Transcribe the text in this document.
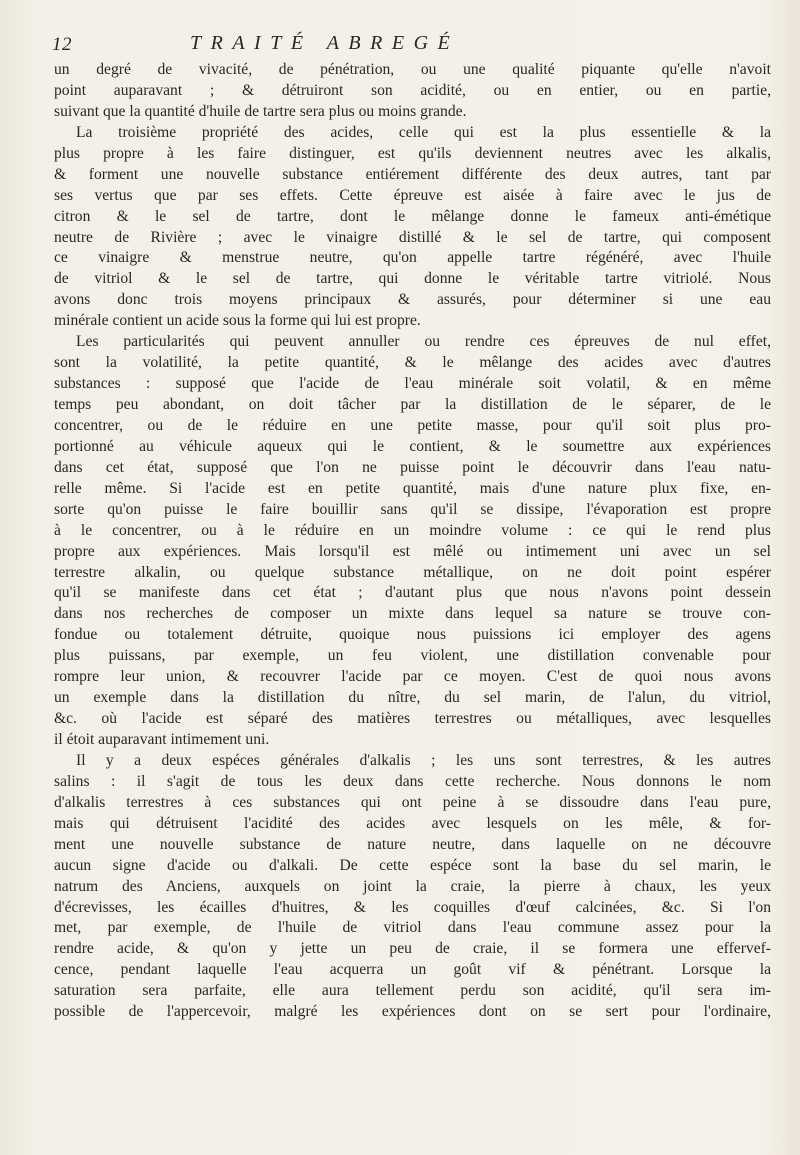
12	TRAITÉ ABREGÉ

un degré de vivacité, de pénétration, ou une qualité piquante qu'elle n'avoit
point auparavant ; & détruiront son acidité, ou en entier, ou en partie,
suivant que la quantité d'huile de tartre sera plus ou moins grande.

La troisième propriété des acides, celle qui est la plus essentielle & la
plus propre à les faire distinguer, est qu'ils deviennent neutres avec les alkalis,
& forment une nouvelle substance entiérement différente des deux autres, tant par
ses vertus que par ses effets. Cette épreuve est aisée à faire avec le jus de
citron & le sel de tartre, dont le mêlange donne le fameux anti-émétique
neutre de Rivière ; avec le vinaigre distillé & le sel de tartre, qui composent
ce vinaigre & menstrue neutre, qu'on appelle tartre régénéré, avec l'huile
de vitriol & le sel de tartre, qui donne le véritable tartre vitriolé. Nous
avons donc trois moyens principaux & assurés, pour déterminer si une eau
minérale contient un acide sous la forme qui lui est propre.

Les particularités qui peuvent annuller ou rendre ces épreuves de nul effet,
sont la volatilité, la petite quantité, & le mêlange des acides avec d'autres
substances : supposé que l'acide de l'eau minérale soit volatil, & en même
temps peu abondant, on doit tâcher par la distillation de le séparer, de le
concentrer, ou de le réduire en une petite masse, pour qu'il soit plus pro-
portionné au véhicule aqueux qui le contient, & le soumettre aux expériences
dans cet état, supposé que l'on ne puisse point le découvrir dans l'eau natu-
relle même. Si l'acide est en petite quantité, mais d'une nature plux fixe, en-
sorte qu'on puisse le faire bouillir sans qu'il se dissipe, l'évaporation est propre
à le concentrer, ou à le réduire en un moindre volume : ce qui le rend plus
propre aux expériences. Mais lorsqu'il est mêlé ou intimement uni avec un sel
terrestre alkalin, ou quelque substance métallique, on ne doit point espérer
qu'il se manifeste dans cet état ; d'autant plus que nous n'avons point dessein
dans nos recherches de composer un mixte dans lequel sa nature se trouve con-
fondue ou totalement détruite, quoique nous puissions ici employer des agens
plus puissans, par exemple, un feu violent, une distillation convenable pour
rompre leur union, & recouvrer l'acide par ce moyen. C'est de quoi nous avons
un exemple dans la distillation du nître, du sel marin, de l'alun, du vitriol,
&c. où l'acide est séparé des matières terrestres ou métalliques, avec lesquelles
il étoit auparavant intimement uni.

Il y a deux espéces générales d'alkalis ; les uns sont terrestres, & les autres
salins : il s'agit de tous les deux dans cette recherche. Nous donnons le nom
d'alkalis terrestres à ces substances qui ont peine à se dissoudre dans l'eau pure,
mais qui détruisent l'acidité des acides avec lesquels on les mêle, & for-
ment une nouvelle substance de nature neutre, dans laquelle on ne découvre
aucun signe d'acide ou d'alkali. De cette espéce sont la base du sel marin, le
natrum des Anciens, auxquels on joint la craie, la pierre à chaux, les yeux
d'écrevisses, les écailles d'huitres, & les coquilles d'œuf calcinées, &c. Si l'on
met, par exemple, de l'huile de vitriol dans l'eau commune assez pour la
rendre acide, & qu'on y jette un peu de craie, il se formera une effervef-
cence, pendant laquelle l'eau acquerra un goût vif & pénétrant. Lorsque la
saturation sera parfaite, elle aura tellement perdu son acidité, qu'il sera im-
possible de l'appercevoir, malgré les expériences dont on se sert pour l'ordinaire,
